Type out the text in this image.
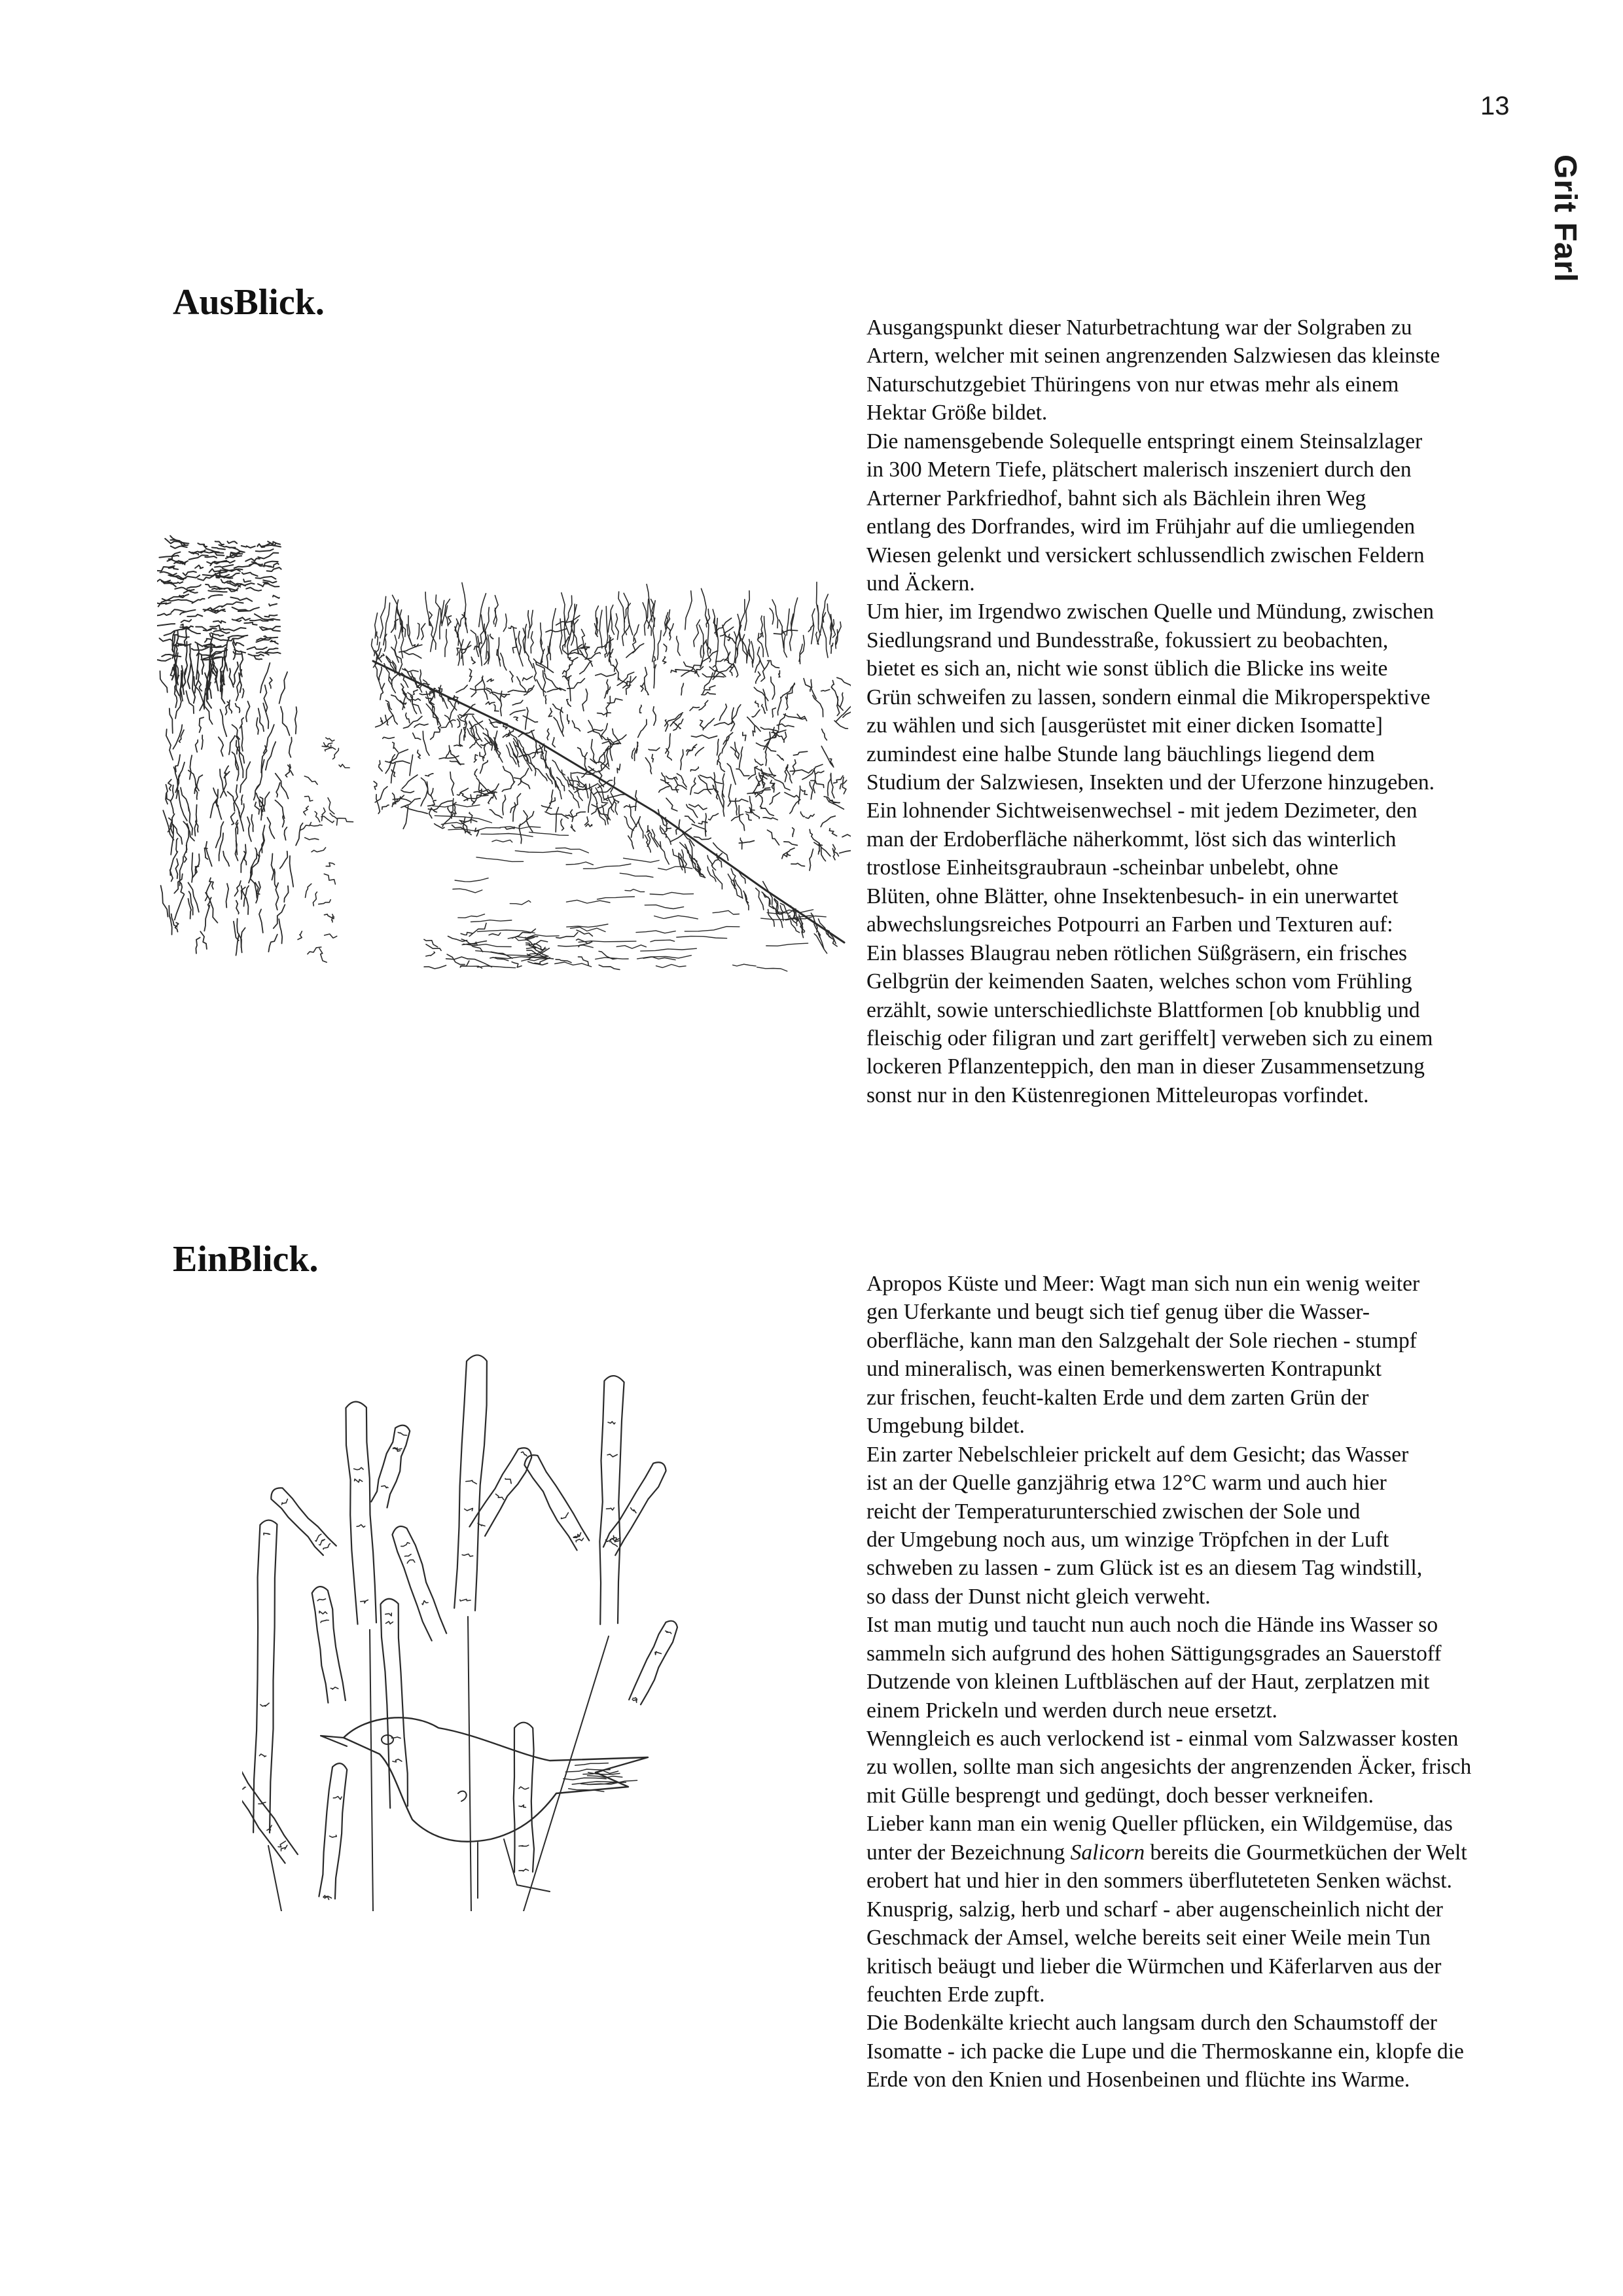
13
Grit Farl
AusBlick.
Ausgangspunkt dieser Naturbetrachtung war der Solgraben zu
Artern, welcher mit seinen angrenzenden Salzwiesen das kleinste
Naturschutzgebiet Thüringens von nur etwas mehr als einem
Hektar Größe bildet.
Die namensgebende Solequelle entspringt einem Steinsalzlager
in 300 Metern Tiefe, plätschert malerisch inszeniert durch den
Arterner Parkfriedhof, bahnt sich als Bächlein ihren Weg
entlang des Dorfrandes, wird im Frühjahr auf die umliegenden
Wiesen gelenkt und versickert schlussendlich zwischen Feldern
und Äckern.
Um hier, im Irgendwo zwischen Quelle und Mündung, zwischen
Siedlungsrand und Bundesstraße, fokussiert zu beobachten,
bietet es sich an, nicht wie sonst üblich die Blicke ins weite
Grün schweifen zu lassen, sondern einmal die Mikroperspektive
zu wählen und sich [ausgerüstet mit einer dicken Isomatte]
zumindest eine halbe Stunde lang bäuchlings liegend dem
Studium der Salzwiesen, Insekten und der Uferzone hinzugeben.
Ein lohnender Sichtweisenwechsel - mit jedem Dezimeter, den
man der Erdoberfläche näherkommt, löst sich das winterlich
trostlose Einheitsgraubraun -scheinbar unbelebt, ohne
Blüten, ohne Blätter, ohne Insektenbesuch- in ein unerwartet
abwechslungsreiches Potpourri an Farben und Texturen auf:
Ein blasses Blaugrau neben rötlichen Süßgräsern, ein frisches
Gelbgrün der keimenden Saaten, welches schon vom Frühling
erzählt, sowie unterschiedlichste Blattformen [ob knubblig und
fleischig oder filigran und zart geriffelt] verweben sich zu einem
lockeren Pflanzenteppich, den man in dieser Zusammensetzung
sonst nur in den Küstenregionen Mitteleuropas vorfindet.
EinBlick.
Apropos Küste und Meer: Wagt man sich nun ein wenig weiter
gen Uferkante und beugt sich tief genug über die Wasser-
oberfläche, kann man den Salzgehalt der Sole riechen - stumpf
und mineralisch, was einen bemerkenswerten Kontrapunkt
zur frischen, feucht-kalten Erde und dem zarten Grün der
Umgebung bildet.
Ein zarter Nebelschleier prickelt auf dem Gesicht; das Wasser
ist an der Quelle ganzjährig etwa 12°C warm und auch hier
reicht der Temperaturunterschied zwischen der Sole und
der Umgebung noch aus, um winzige Tröpfchen in der Luft
schweben zu lassen - zum Glück ist es an diesem Tag windstill,
so dass der Dunst nicht gleich verweht.
Ist man mutig und taucht nun auch noch die Hände ins Wasser so
sammeln sich aufgrund des hohen Sättigungsgrades an Sauerstoff
Dutzende von kleinen Luftbläschen auf der Haut, zerplatzen mit
einem Prickeln und werden durch neue ersetzt.
Wenngleich es auch verlockend ist - einmal vom Salzwasser kosten
zu wollen, sollte man sich angesichts der angrenzenden Äcker, frisch
mit Gülle besprengt und gedüngt, doch besser verkneifen.
Lieber kann man ein wenig Queller pflücken, ein Wildgemüse, das
unter der Bezeichnung Salicorn bereits die Gourmetküchen der Welt
erobert hat und hier in den sommers überfluteteten Senken wächst.
Knusprig, salzig, herb und scharf - aber augenscheinlich nicht der
Geschmack der Amsel, welche bereits seit einer Weile mein Tun
kritisch beäugt und lieber die Würmchen und Käferlarven aus der
feuchten Erde zupft.
Die Bodenkälte kriecht auch langsam durch den Schaumstoff der
Isomatte - ich packe die Lupe und die Thermoskanne ein, klopfe die
Erde von den Knien und Hosenbeinen und flüchte ins Warme.
